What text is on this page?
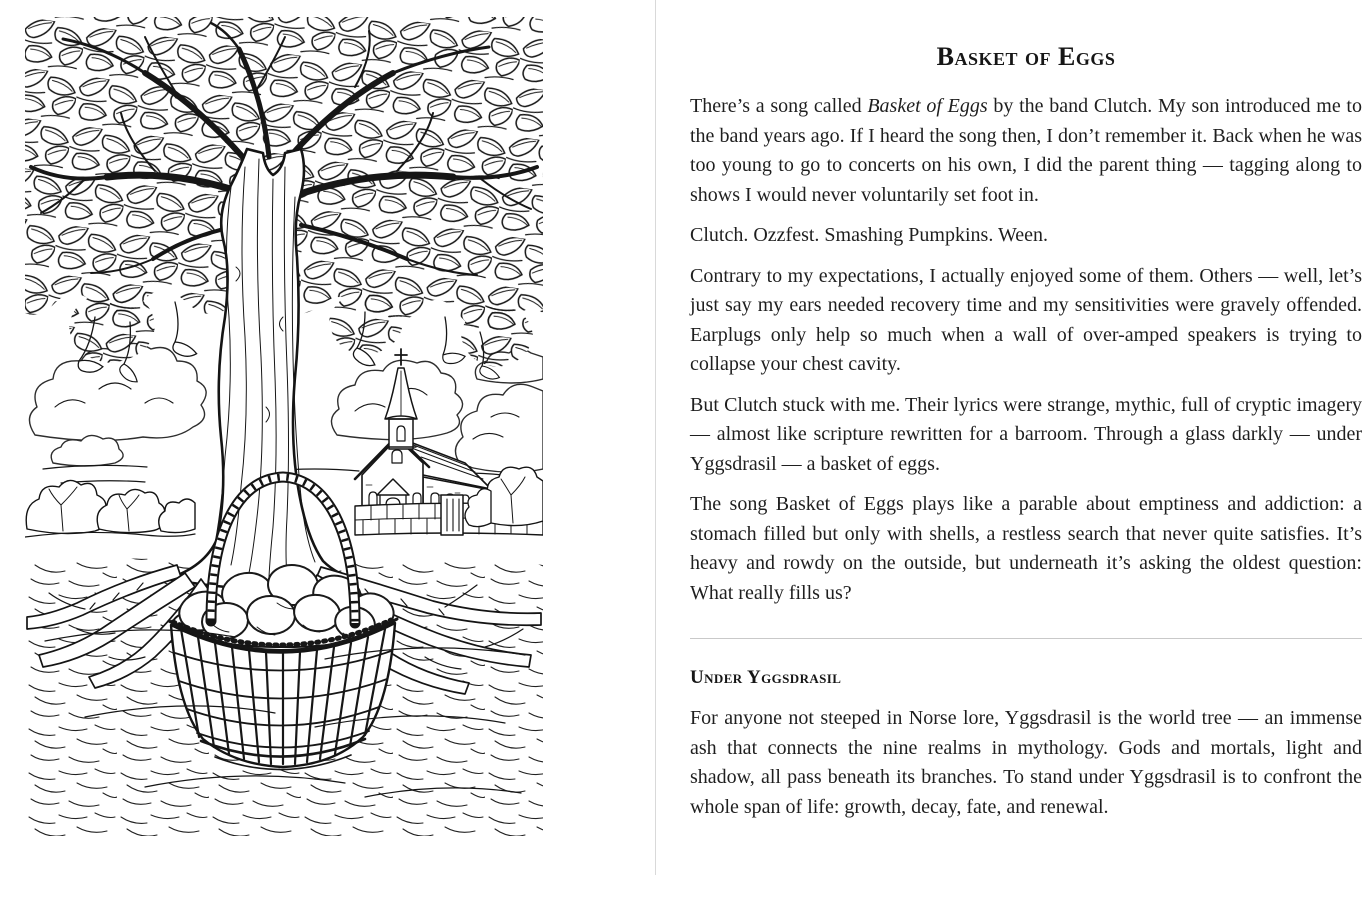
Basket of Eggs

There’s a song called Basket of Eggs by the band Clutch. My son introduced me to the band years ago. If I heard the song then, I don’t remember it. Back when he was too young to go to concerts on his own, I did the parent thing — tagging along to shows I would never voluntarily set foot in.

Clutch. Ozzfest. Smashing Pumpkins. Ween.

Contrary to my expectations, I actually enjoyed some of them. Others — well, let’s just say my ears needed recovery time and my sensitivities were gravely offended. Earplugs only help so much when a wall of over-amped speakers is trying to collapse your chest cavity.

But Clutch stuck with me. Their lyrics were strange, mythic, full of cryptic imagery — almost like scripture rewritten for a barroom. Through a glass darkly — under Yggsdrasil — a basket of eggs.

The song Basket of Eggs plays like a parable about emptiness and addiction: a stomach filled but only with shells, a restless search that never quite satisfies. It’s heavy and rowdy on the outside, but underneath it’s asking the oldest question: What really fills us?

Under Yggsdrasil

For anyone not steeped in Norse lore, Yggsdrasil is the world tree — an immense ash that connects the nine realms in mythology. Gods and mortals, light and shadow, all pass beneath its branches. To stand under Yggsdrasil is to confront the whole span of life: growth, decay, fate, and renewal.
